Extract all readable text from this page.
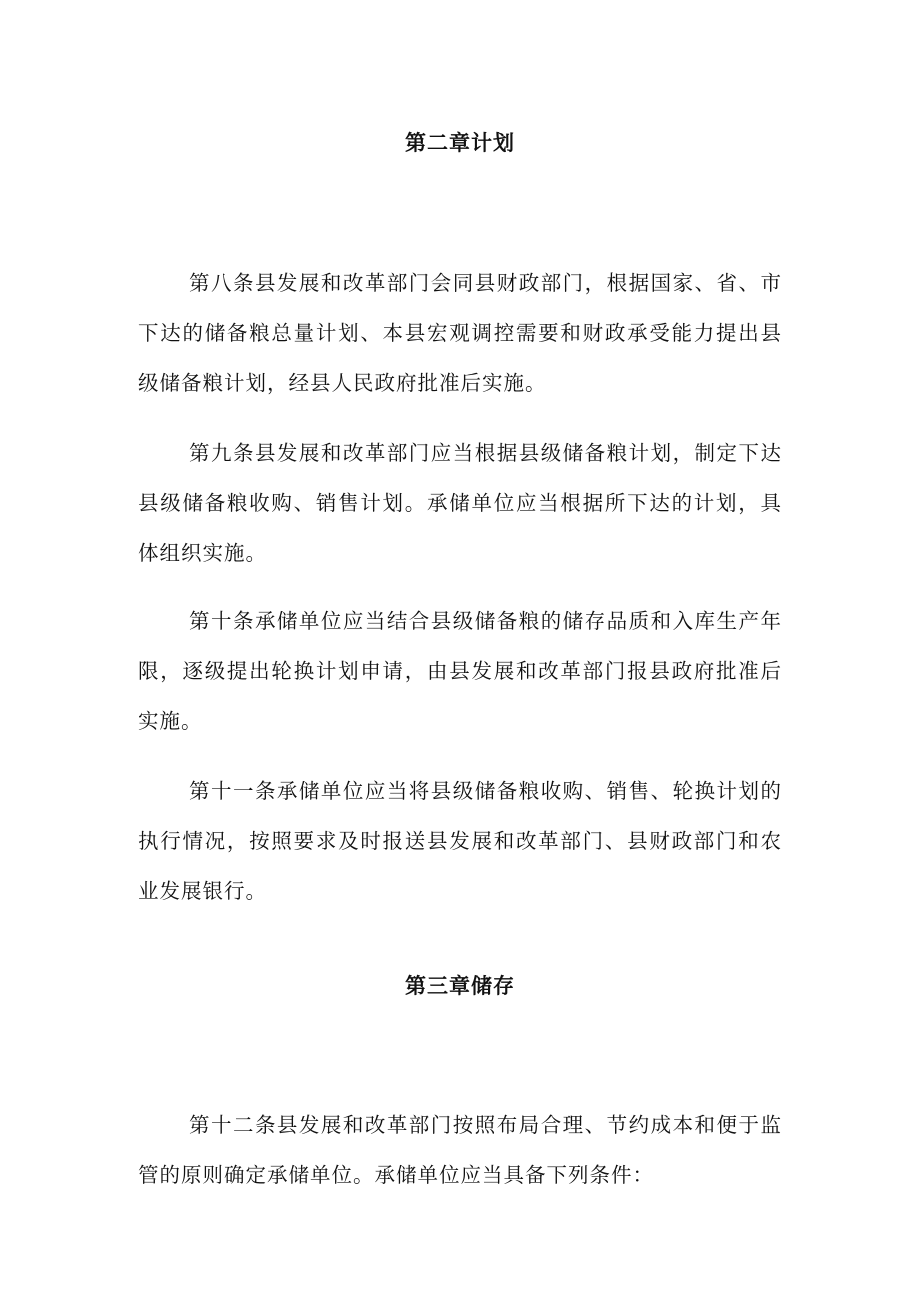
第二章计划

第八条县发展和改革部门会同县财政部门，根据国家、省、市下达的储备粮总量计划、本县宏观调控需要和财政承受能力提出县级储备粮计划，经县人民政府批准后实施。

第九条县发展和改革部门应当根据县级储备粮计划，制定下达县级储备粮收购、销售计划。承储单位应当根据所下达的计划，具体组织实施。

第十条承储单位应当结合县级储备粮的储存品质和入库生产年限，逐级提出轮换计划申请，由县发展和改革部门报县政府批准后实施。

第十一条承储单位应当将县级储备粮收购、销售、轮换计划的执行情况，按照要求及时报送县发展和改革部门、县财政部门和农业发展银行。

第三章储存

第十二条县发展和改革部门按照布局合理、节约成本和便于监管的原则确定承储单位。承储单位应当具备下列条件：
